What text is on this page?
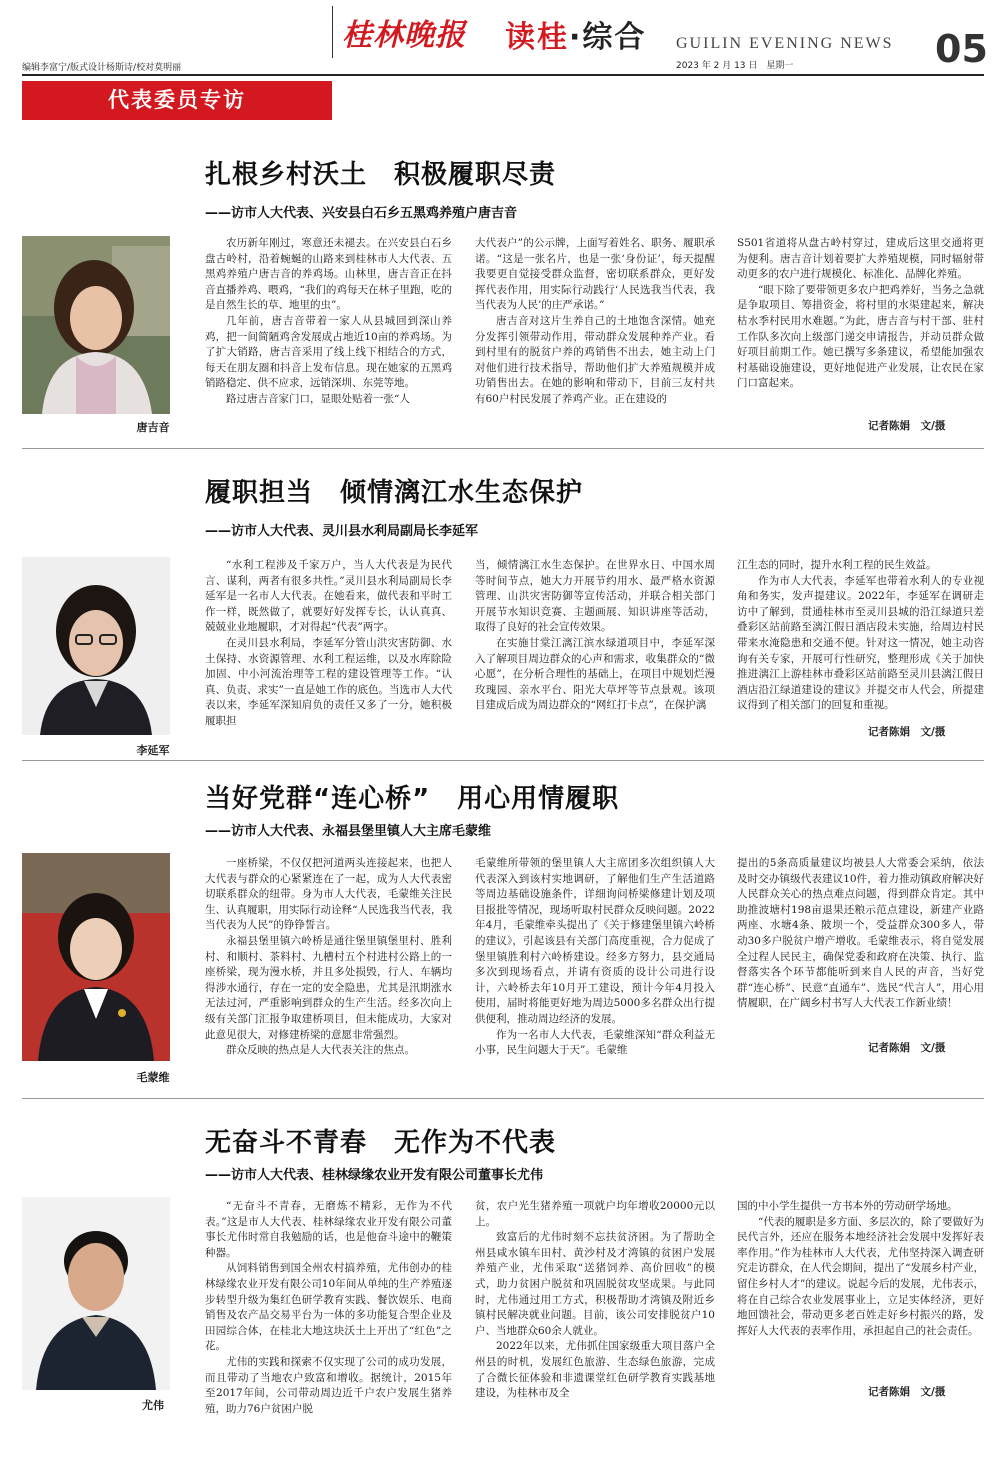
桂林晚报 读桂·综合 GUILIN EVENING NEWS
2023 年 2 月 13 日　星期一	05
编辑李富宁/版式设计杨斯诗/校对莫明丽
代表委员专访
扎根乡村沃土　积极履职尽责
——访市人大代表、兴安县白石乡五黑鸡养殖户唐吉音
唐吉音

农历新年刚过，寒意还未褪去。在兴安县白石乡盘古岭村，沿着蜿蜒的山路来到桂林市人大代表、五黑鸡养殖户唐吉音的养鸡场。山林里，唐吉音正在抖音直播养鸡、喂鸡，“我们的鸡每天在林子里跑，吃的是自然生长的草、地里的虫”。

几年前，唐吉音带着一家人从县城回到深山养鸡，把一间简陋鸡舍发展成占地近10亩的养鸡场。为了扩大销路，唐吉音采用了线上线下相结合的方式，每天在朋友圈和抖音上发布信息。现在她家的五黑鸡销路稳定、供不应求，远销深圳、东莞等地。

路过唐吉音家门口，显眼处贴着一张“人

大代表户”的公示牌，上面写着姓名、职务、履职承诺。“这是一张名片，也是一张‘身份证’，每天提醒我要更自觉接受群众监督，密切联系群众，更好发挥代表作用，用实际行动践行‘人民选我当代表，我当代表为人民’的庄严承诺。”

唐吉音对这片生养自己的土地饱含深情。她充分发挥引领带动作用，带动群众发展种养产业。看到村里有的脱贫户养的鸡销售不出去，她主动上门对他们进行技术指导，帮助他们扩大养殖规模并成功销售出去。在她的影响和带动下，目前三友村共有60户村民发展了养鸡产业。正在建设的

S501省道将从盘古岭村穿过，建成后这里交通将更为便利。唐吉音计划着要扩大养殖规模，同时辐射带动更多的农户进行规模化、标准化、品牌化养殖。

“眼下除了要带领更多农户把鸡养好，当务之急就是争取项目、筹措资金，将村里的水渠建起来，解决枯水季村民用水难题。”为此，唐吉音与村干部、驻村工作队多次向上级部门递交申请报告，并动员群众做好项目前期工作。她已撰写多条建议，希望能加强农村基础设施建设，更好地促进产业发展，让农民在家门口富起来。

记者陈娟　文/摄
履职担当　倾情漓江水生态保护
——访市人大代表、灵川县水利局副局长李延军
李延军

“水利工程涉及千家万户，当人大代表是为民代言、谋利，两者有很多共性。”灵川县水利局副局长李延军是一名市人大代表。在她看来，做代表和平时工作一样，既然做了，就要好好发挥专长，认认真真、兢兢业业地履职，才对得起“代表”两字。

在灵川县水利局，李延军分管山洪灾害防御、水土保持、水资源管理、水利工程运维，以及水库除险加固、中小河流治理等工程的建设管理等工作。“认真、负责、求实”一直是她工作的底色。当选市人大代表以来，李延军深知肩负的责任又多了一分，她积极履职担

当，倾情漓江水生态保护。在世界水日、中国水周等时间节点，她大力开展节约用水、最严格水资源管理、山洪灾害防御等宣传活动，并联合相关部门开展节水知识竞赛、主题画展、知识讲座等活动，取得了良好的社会宣传效果。

在实施甘棠江漓江滨水绿道项目中，李延军深入了解项目周边群众的心声和需求，收集群众的“微心愿”，在分析合理性的基础上，在项目中规划烂漫玫瑰园、亲水平台、阳光大草坪等节点景观。该项目建成后成为周边群众的“网红打卡点”，在保护漓

江生态的同时，提升水利工程的民生效益。

作为市人大代表，李延军也带着水利人的专业视角和务实，发声提建议。2022年，李延军在调研走访中了解到，贯通桂林市至灵川县城的沿江绿道只差叠彩区站前路至漓江假日酒店段未实施，给周边村民带来水淹隐患和交通不便。针对这一情况，她主动咨询有关专家，开展可行性研究，整理形成《关于加快推进漓江上游桂林市叠彩区站前路至灵川县漓江假日酒店沿江绿道建设的建议》并提交市人代会，所提建议得到了相关部门的回复和重视。

记者陈娟　文/摄
当好党群“连心桥”　用心用情履职
——访市人大代表、永福县堡里镇人大主席毛蒙维
毛蒙维

一座桥梁，不仅仅把河道两头连接起来，也把人大代表与群众的心紧紧连在了一起，成为人大代表密切联系群众的纽带。身为市人大代表，毛蒙维关注民生、认真履职，用实际行动诠释“人民选我当代表，我当代表为人民”的铮铮誓言。

永福县堡里镇六岭桥是通往堡里镇堡里村、胜利村、和顺村、茶料村、九槽村五个村进村公路上的一座桥梁，现为漫水桥，并且多处损毁，行人、车辆均得涉水通行，存在一定的安全隐患，尤其是汛期涨水无法过河，严重影响到群众的生产生活。经多次向上级有关部门汇报争取建桥项目，但未能成功，大家对此意见很大，对修建桥梁的意愿非常强烈。

群众反映的热点是人大代表关注的焦点。

毛蒙维所带领的堡里镇人大主席团多次组织镇人大代表深入到该村实地调研，了解他们生产生活道路等周边基础设施条件，详细询问桥梁修建计划及项目报批等情况，现场听取村民群众反映问题。2022年4月，毛蒙维牵头提出了《关于修建堡里镇六岭桥的建议》，引起该县有关部门高度重视，合力促成了堡里镇胜利村六岭桥建设。经多方努力，县交通局多次到现场看点，并请有资质的设计公司进行设计，六岭桥去年10月开工建设，预计今年4月投入使用，届时将能更好地为周边5000多名群众出行提供便利，推动周边经济的发展。

作为一名市人大代表，毛蒙维深知“群众利益无小事，民生问题大于天”。毛蒙维

提出的5条高质量建议均被县人大常委会采纳，依法及时交办镇级代表建议10件，着力推动镇政府解决好人民群众关心的热点难点问题，得到群众肯定。其中助推波塘村198亩退果还粮示范点建设，新建产业路两座、水塘4条、陂坝一个，受益群众300多人，带动30多户脱贫户增产增收。毛蒙维表示，将自觉发展全过程人民民主，确保党委和政府在决策、执行、监督落实各个环节都能听到来自人民的声音，当好党群“连心桥”、民意“直通车”、选民“代言人”，用心用情履职，在广阔乡村书写人大代表工作新业绩！

记者陈娟　文/摄
无奋斗不青春　无作为不代表
——访市人大代表、桂林绿缘农业开发有限公司董事长尤伟
尤伟

“无奋斗不青春，无磨炼不精彩，无作为不代表。”这是市人大代表、桂林绿缘农业开发有限公司董事长尤伟时常自我勉励的话，也是他奋斗途中的鞭策种器。

从饲料销售到国全州农村搞养殖，尤伟创办的桂林绿缘农业开发有限公司10年间从单纯的生产养殖逐步转型升级为集红色研学教育实践、餐饮娱乐、电商销售及农产品交易平台为一体的多功能复合型企业及田园综合体，在桂北大地这块沃土上开出了“红色”之花。

尤伟的实践和探索不仅实现了公司的成功发展，而且带动了当地农户致富和增收。据统计，2015年至2017年间，公司带动周边近千户农户发展生猪养殖，助力76户贫困户脱

贫，农户光生猪养殖一项就户均年增收20000元以上。

致富后的尤伟时刻不忘扶贫济困。为了帮助全州县咸水镇车田村、黄沙村及才湾镇的贫困户发展养殖产业，尤伟采取“送猪饲养、高价回收”的模式，助力贫困户脱贫和巩固脱贫攻坚成果。与此同时，尤伟通过用工方式，积极帮助才湾镇及附近乡镇村民解决就业问题。目前，该公司安排脱贫户10户、当地群众60余人就业。

2022年以来，尤伟抓住国家级重大项目落户全州县的时机，发展红色旅游、生态绿色旅游，完成了合微长征体验和非遗课堂红色研学教育实践基地建设，为桂林市及全

国的中小学生提供一方书本外的劳动研学场地。

“代表的履职是多方面、多层次的，除了要做好为民代言外，还应在服务本地经济社会发展中发挥好表率作用。”作为桂林市人大代表，尤伟坚持深入调查研究走访群众，在人代会期间，提出了“发展乡村产业，留住乡村人才”的建议。说起今后的发展，尤伟表示，将在自己综合农业发展事业上，立足实体经济，更好地回馈社会，带动更多老百姓走好乡村振兴的路，发挥好人大代表的表率作用，承担起自己的社会责任。

记者陈娟　文/摄
